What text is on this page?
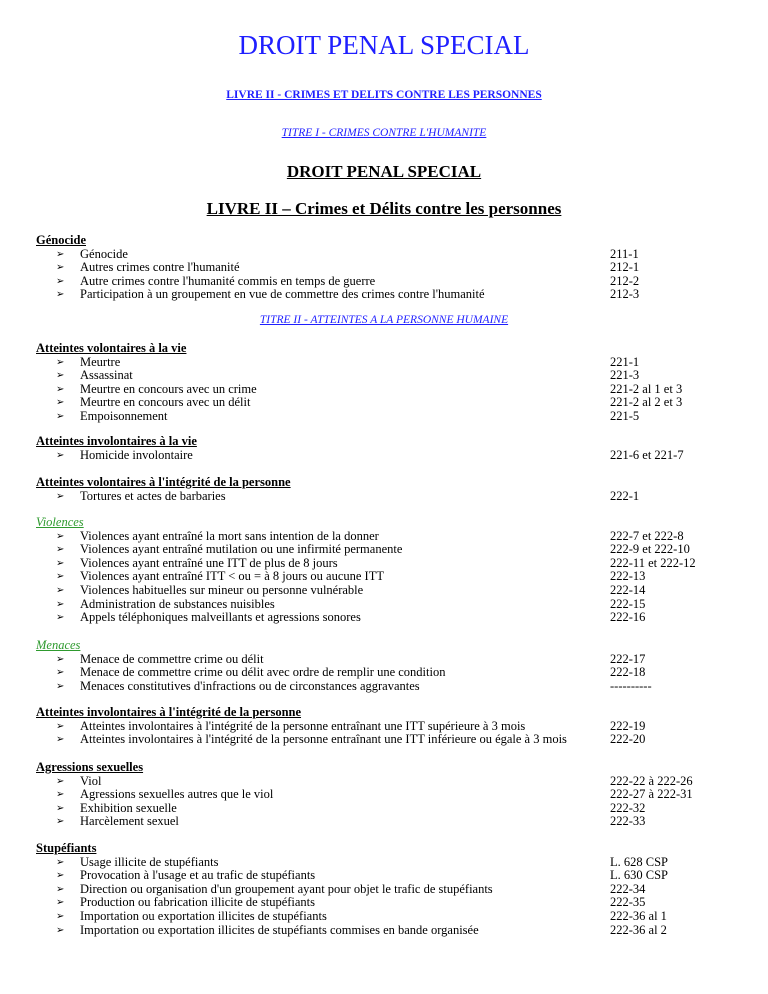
DROIT PENAL SPECIAL
LIVRE II - CRIMES ET DELITS CONTRE LES PERSONNES
TITRE I - CRIMES CONTRE L'HUMANITE
DROIT PENAL SPECIAL
LIVRE II – Crimes et Délits contre les personnes
Génocide
➢ Génocide	211-1
➢ Autres crimes contre l'humanité	212-1
➢ Autre crimes contre l'humanité commis en temps de guerre	212-2
➢ Participation à un groupement en vue de commettre des crimes contre l'humanité	212-3
TITRE II - ATTEINTES A LA PERSONNE HUMAINE
Atteintes volontaires à la vie
➢ Meurtre	221-1
➢ Assassinat	221-3
➢ Meurtre en concours avec un crime	221-2 al 1 et 3
➢ Meurtre en concours avec un délit	221-2 al 2 et 3
➢ Empoisonnement	221-5
Atteintes involontaires à la vie
➢ Homicide involontaire	221-6 et 221-7
Atteintes volontaires à l'intégrité de la personne
➢ Tortures et actes de barbaries	222-1
Violences
➢ Violences ayant entraîné la mort sans intention de la donner	222-7 et 222-8
➢ Violences ayant entraîné mutilation ou une infirmité permanente	222-9 et 222-10
➢ Violences ayant entraîné une ITT de plus de 8 jours	222-11 et 222-12
➢ Violences ayant entraîné ITT < ou = à 8 jours ou aucune ITT	222-13
➢ Violences habituelles sur mineur ou personne vulnérable	222-14
➢ Administration de substances nuisibles	222-15
➢ Appels téléphoniques malveillants et agressions sonores	222-16
Menaces
➢ Menace de commettre crime ou délit	222-17
➢ Menace de commettre crime ou délit avec ordre de remplir une condition	222-18
➢ Menaces constitutives d'infractions ou de circonstances aggravantes	----------
Atteintes involontaires à l'intégrité de la personne
➢ Atteintes involontaires à l'intégrité de la personne entraînant une ITT supérieure à 3 mois	222-19
➢ Atteintes involontaires à l'intégrité de la personne entraînant une ITT inférieure ou égale à 3 mois	222-20
Agressions sexuelles
➢ Viol	222-22 à 222-26
➢ Agressions sexuelles autres que le viol	222-27 à 222-31
➢ Exhibition sexuelle	222-32
➢ Harcèlement sexuel	222-33
Stupéfiants
➢ Usage illicite de stupéfiants	L. 628 CSP
➢ Provocation à l'usage et au trafic de stupéfiants	L. 630 CSP
➢ Direction ou organisation d'un groupement ayant pour objet le trafic de stupéfiants	222-34
➢ Production ou fabrication illicite de stupéfiants	222-35
➢ Importation ou exportation illicites de stupéfiants	222-36 al 1
➢ Importation ou exportation illicites de stupéfiants commises en bande organisée	222-36 al 2
